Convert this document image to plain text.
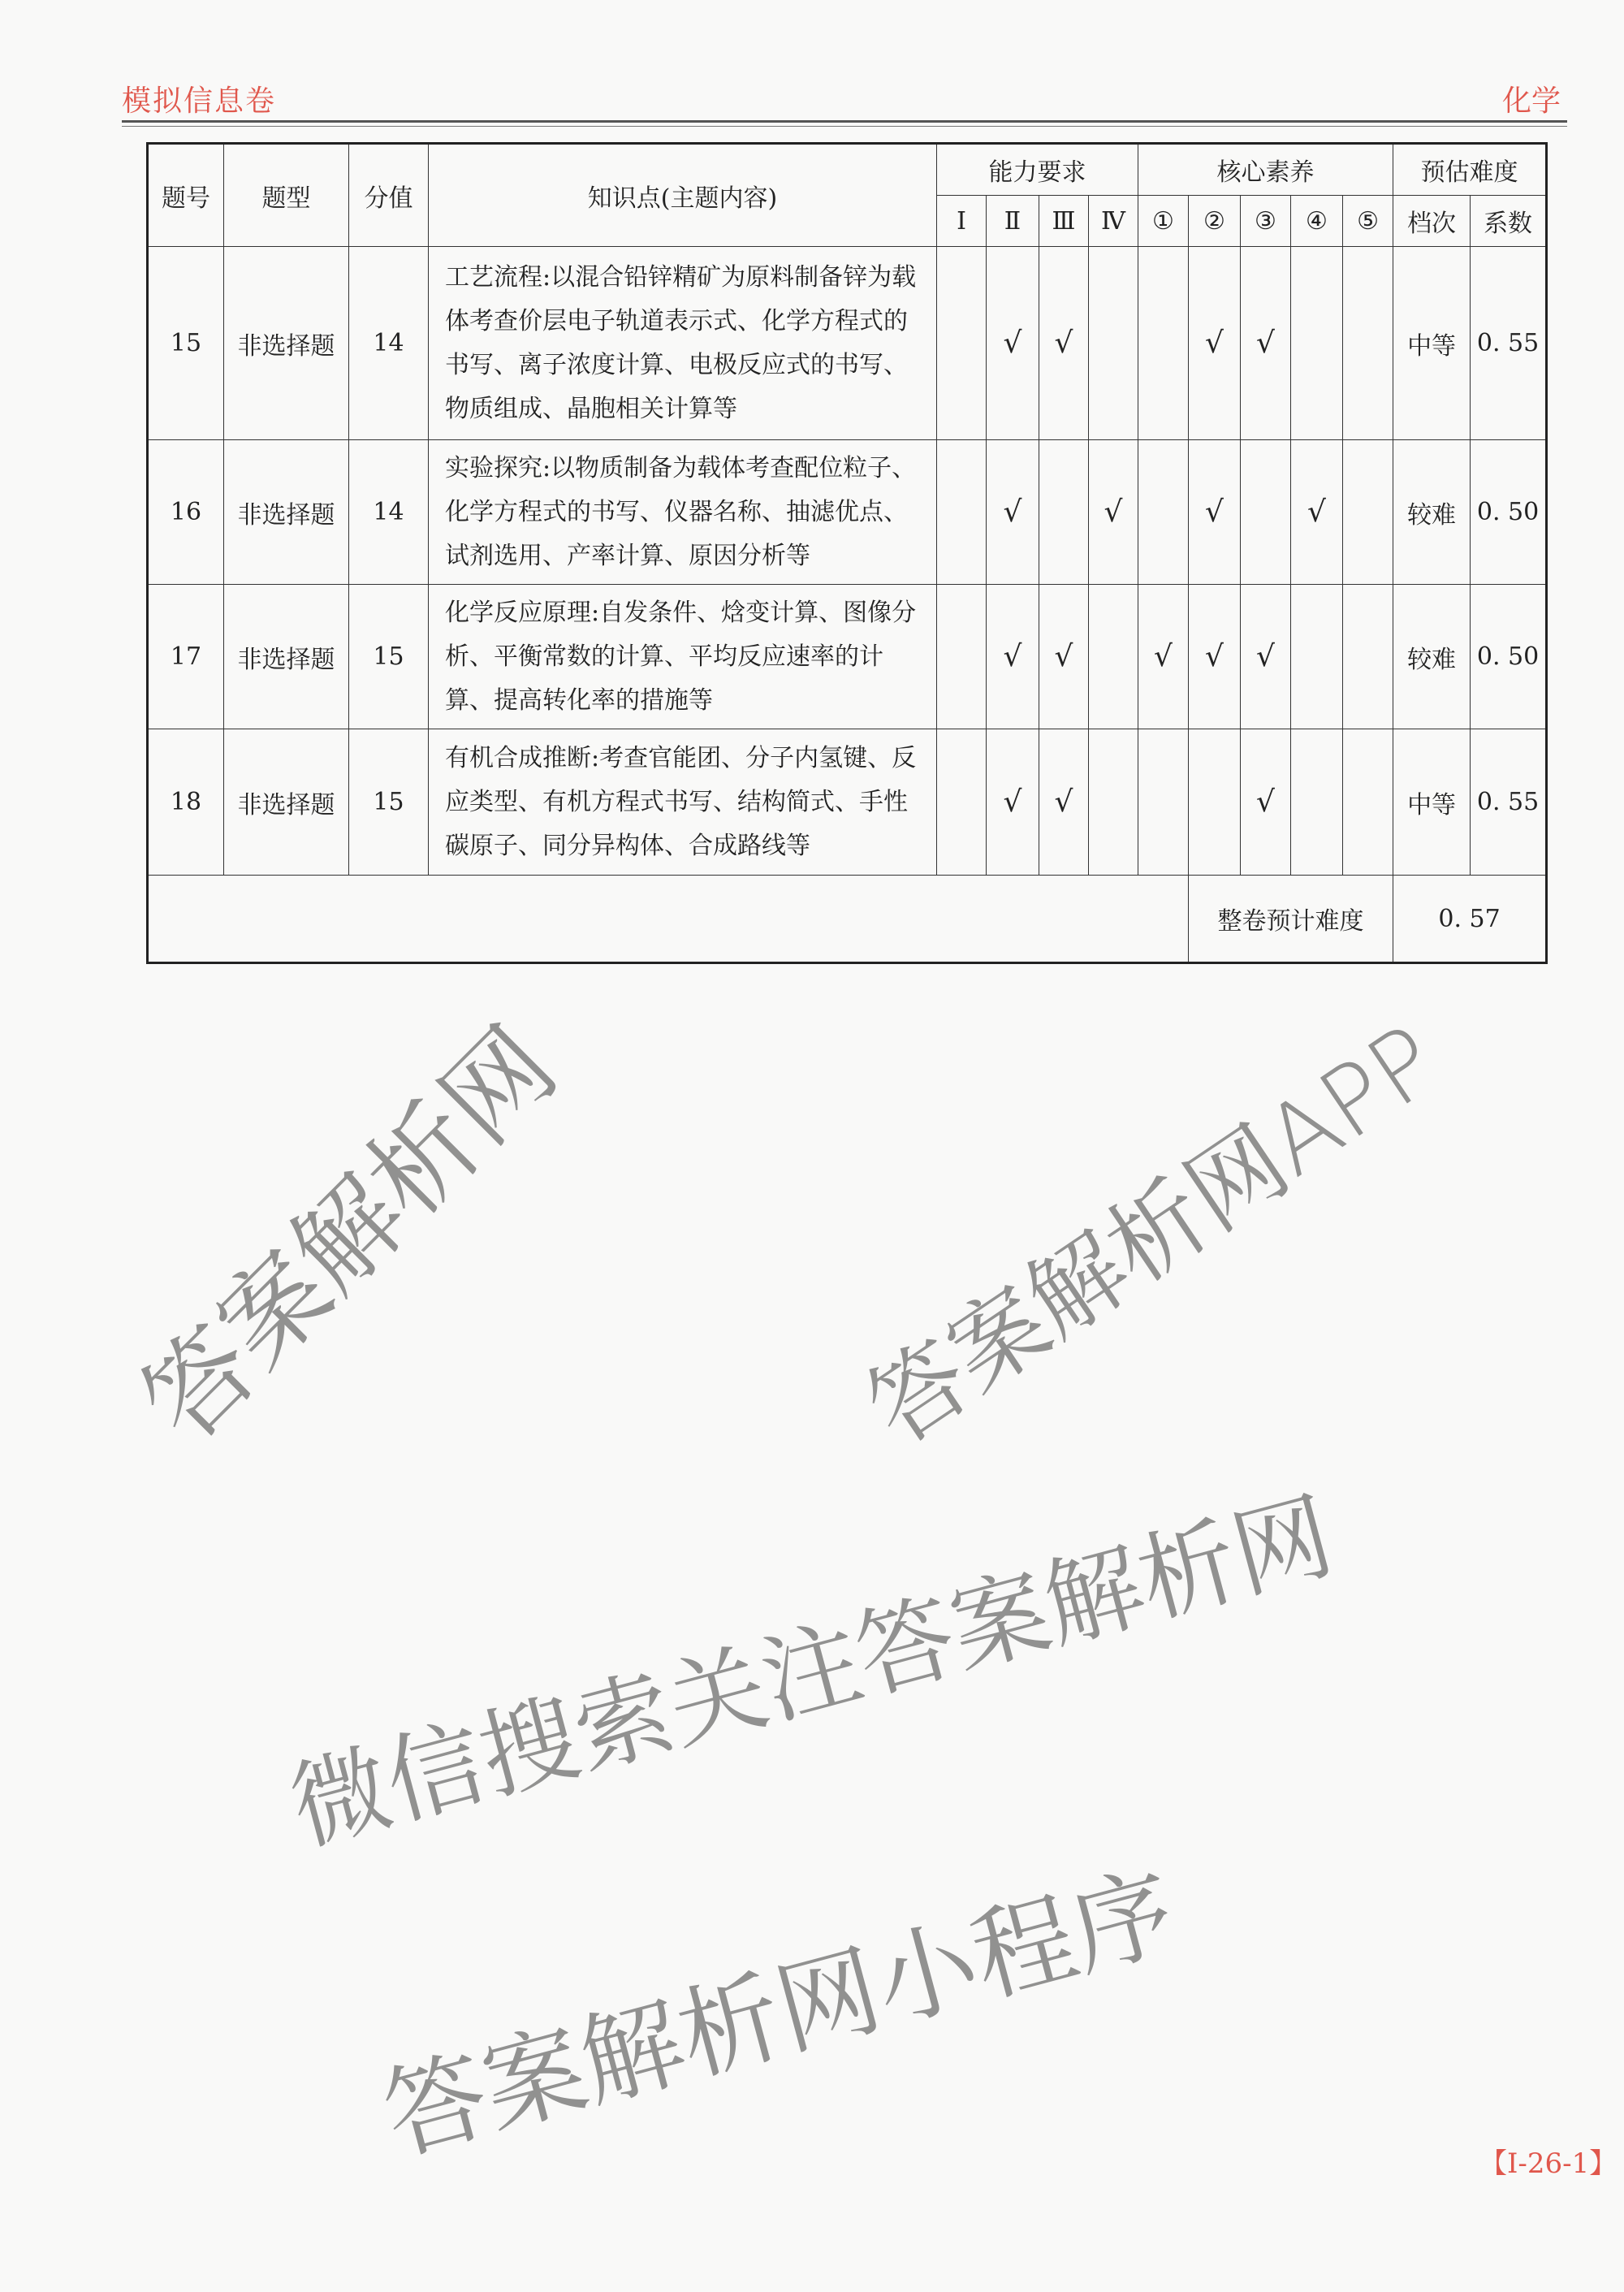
模拟信息卷	化学
题号	题型	分值	知识点(主题内容)	能力要求				核心素养					预估难度	
				Ⅰ	Ⅱ	Ⅲ	Ⅳ	①	②	③	④	⑤	档次	系数
15	非选择题	14	工艺流程:以混合铅锌精矿为原料制备锌为载体考查价层电子轨道表示式、化学方程式的书写、离子浓度计算、电极反应式的书写、物质组成、晶胞相关计算等		√	√			√	√			中等	0. 55
16	非选择题	14	实验探究:以物质制备为载体考查配位粒子、化学方程式的书写、仪器名称、抽滤优点、试剂选用、产率计算、原因分析等		√		√		√		√		较难	0. 50
17	非选择题	15	化学反应原理:自发条件、焓变计算、图像分析、平衡常数的计算、平均反应速率的计算、提高转化率的措施等		√	√		√	√	√			较难	0. 50
18	非选择题	15	有机合成推断:考查官能团、分子内氢键、反应类型、有机方程式书写、结构简式、手性碳原子、同分异构体、合成路线等		√	√				√			中等	0. 55
									整卷预计难度				0. 57	
【Ⅰ-26-1】
答案解析网	答案解析网APP
微信搜索关注答案解析网
答案解析网小程序
